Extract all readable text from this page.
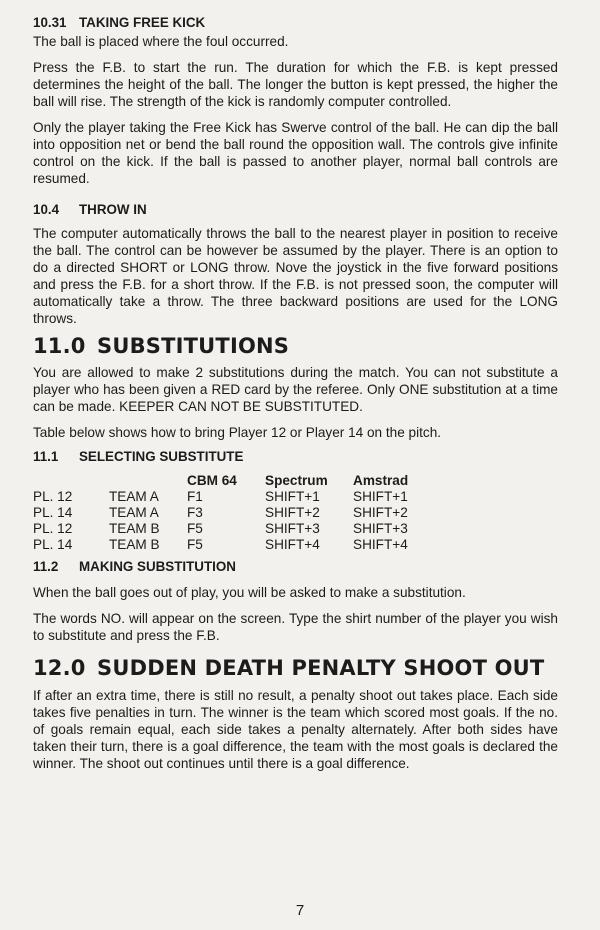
10.31 TAKING FREE KICK

The ball is placed where the foul occurred.

Press the F.B. to start the run. The duration for which the F.B. is kept pressed determines the height of the ball. The longer the button is kept pressed, the higher the ball will rise. The strength of the kick is randomly computer controlled.

Only the player taking the Free Kick has Swerve control of the ball. He can dip the ball into opposition net or bend the ball round the opposition wall. The controls give infinite control on the kick. If the ball is passed to another player, normal ball controls are resumed.

10.4 THROW IN

The computer automatically throws the ball to the nearest player in position to receive the ball. The control can be however be assumed by the player. There is an option to do a directed SHORT or LONG throw. Nove the joystick in the five forward positions and press the F.B. for a short throw. If the F.B. is not pressed soon, the computer will automatically take a throw. The three backward positions are used for the LONG throws.

11.0 SUBSTITUTIONS

You are allowed to make 2 substitutions during the match. You can not substitute a player who has been given a RED card by the referee. Only ONE substitution at a time can be made. KEEPER CAN NOT BE SUBSTITUTED.

Table below shows how to bring Player 12 or Player 14 on the pitch.

11.1 SELECTING SUBSTITUTE
		CBM 64	Spectrum	Amstrad
PL. 12	TEAM A	F1	SHIFT+1	SHIFT+1
PL. 14	TEAM A	F3	SHIFT+2	SHIFT+2
PL. 12	TEAM B	F5	SHIFT+3	SHIFT+3
PL. 14	TEAM B	F5	SHIFT+4	SHIFT+4
11.2 MAKING SUBSTITUTION

When the ball goes out of play, you will be asked to make a substitution.

The words NO. will appear on the screen. Type the shirt number of the player you wish to substitute and press the F.B.

12.0 SUDDEN DEATH PENALTY SHOOT OUT

If after an extra time, there is still no result, a penalty shoot out takes place. Each side takes five penalties in turn. The winner is the team which scored most goals. If the no. of goals remain equal, each side takes a penalty alternately. After both sides have taken their turn, there is a goal difference, the team with the most goals is declared the winner. The shoot out continues until there is a goal difference.

7
